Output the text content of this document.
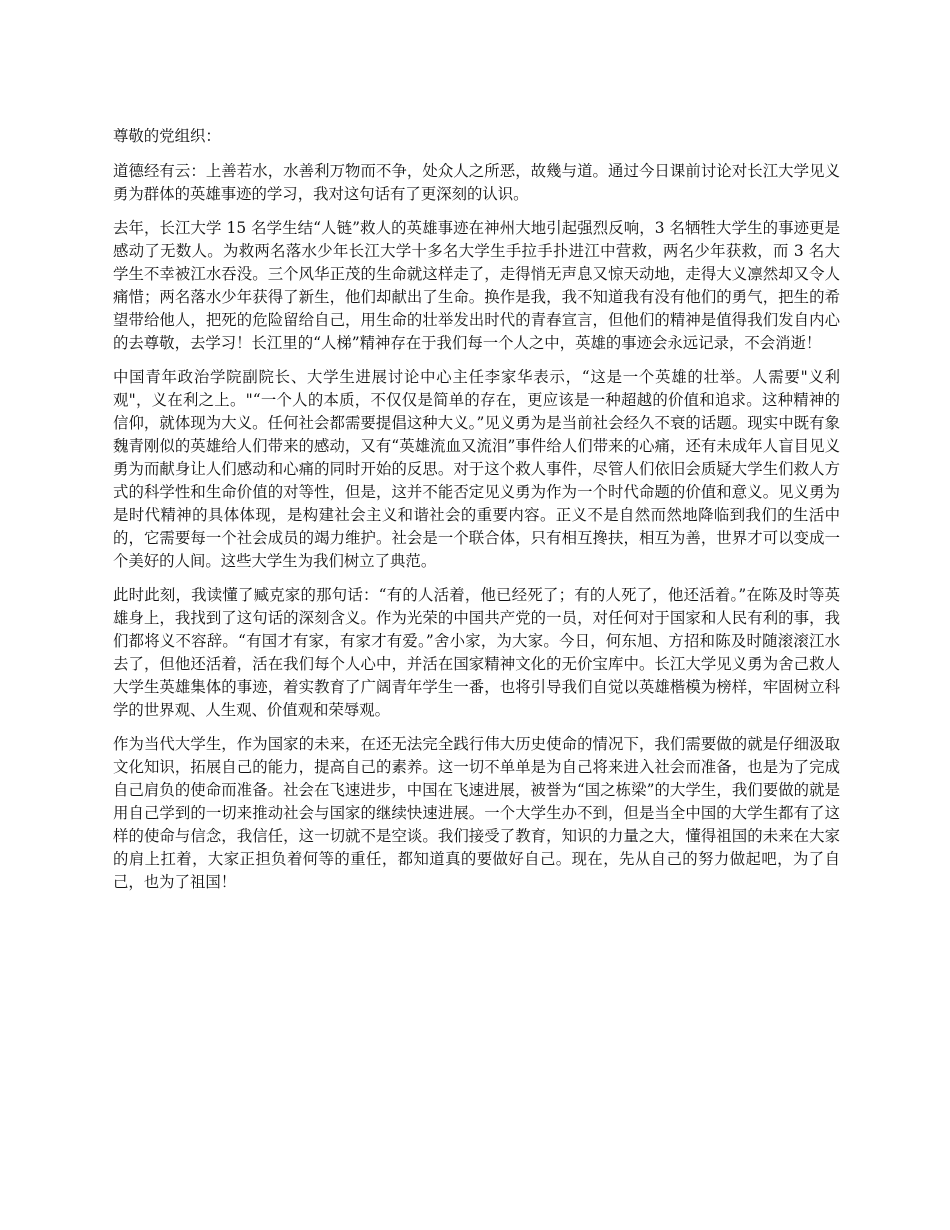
尊敬的党组织：

道德经有云：上善若水，水善利万物而不争，处众人之所恶，故幾与道。通过今日课前讨论对长江大学见义勇为群体的英雄事迹的学习，我对这句话有了更深刻的认识。

去年，长江大学 15 名学生结“人链”救人的英雄事迹在神州大地引起强烈反响，3 名牺牲大学生的事迹更是感动了无数人。为救两名落水少年长江大学十多名大学生手拉手扑进江中营救，两名少年获救，而 3 名大学生不幸被江水吞没。三个风华正茂的生命就这样走了，走得悄无声息又惊天动地，走得大义凛然却又令人痛惜；两名落水少年获得了新生，他们却献出了生命。换作是我，我不知道我有没有他们的勇气，把生的希望带给他人，把死的危险留给自己，用生命的壮举发出时代的青春宣言，但他们的精神是值得我们发自内心的去尊敬，去学习！长江里的“人梯”精神存在于我们每一个人之中，英雄的事迹会永远记录，不会消逝！

中国青年政治学院副院长、大学生进展讨论中心主任李家华表示，“这是一个英雄的壮举。人需要"义利观"，义在利之上。"“一个人的本质，不仅仅是简单的存在，更应该是一种超越的价值和追求。这种精神的信仰，就体现为大义。任何社会都需要提倡这种大义。”见义勇为是当前社会经久不衰的话题。现实中既有象魏青刚似的英雄给人们带来的感动，又有“英雄流血又流泪”事件给人们带来的心痛，还有未成年人盲目见义勇为而献身让人们感动和心痛的同时开始的反思。对于这个救人事件，尽管人们依旧会质疑大学生们救人方式的科学性和生命价值的对等性，但是，这并不能否定见义勇为作为一个时代命题的价值和意义。见义勇为是时代精神的具体体现，是构建社会主义和谐社会的重要内容。正义不是自然而然地降临到我们的生活中的，它需要每一个社会成员的竭力维护。社会是一个联合体，只有相互搀扶，相互为善，世界才可以变成一个美好的人间。这些大学生为我们树立了典范。

此时此刻，我读懂了臧克家的那句话：“有的人活着，他已经死了；有的人死了，他还活着。”在陈及时等英雄身上，我找到了这句话的深刻含义。作为光荣的中国共产党的一员，对任何对于国家和人民有利的事，我们都将义不容辞。“有国才有家，有家才有爱。”舍小家，为大家。今日，何东旭、方招和陈及时随滚滚江水去了，但他还活着，活在我们每个人心中，并活在国家精神文化的无价宝库中。长江大学见义勇为舍己救人大学生英雄集体的事迹，着实教育了广阔青年学生一番，也将引导我们自觉以英雄楷模为榜样，牢固树立科学的世界观、人生观、价值观和荣辱观。

作为当代大学生，作为国家的未来，在还无法完全践行伟大历史使命的情况下，我们需要做的就是仔细汲取文化知识，拓展自己的能力，提高自己的素养。这一切不单单是为自己将来进入社会而准备，也是为了完成自己肩负的使命而准备。社会在飞速进步，中国在飞速进展，被誉为“国之栋梁”的大学生，我们要做的就是用自己学到的一切来推动社会与国家的继续快速进展。一个大学生办不到，但是当全中国的大学生都有了这样的使命与信念，我信任，这一切就不是空谈。我们接受了教育，知识的力量之大，懂得祖国的未来在大家的肩上扛着，大家正担负着何等的重任，都知道真的要做好自己。现在，先从自己的努力做起吧，为了自己，也为了祖国！
